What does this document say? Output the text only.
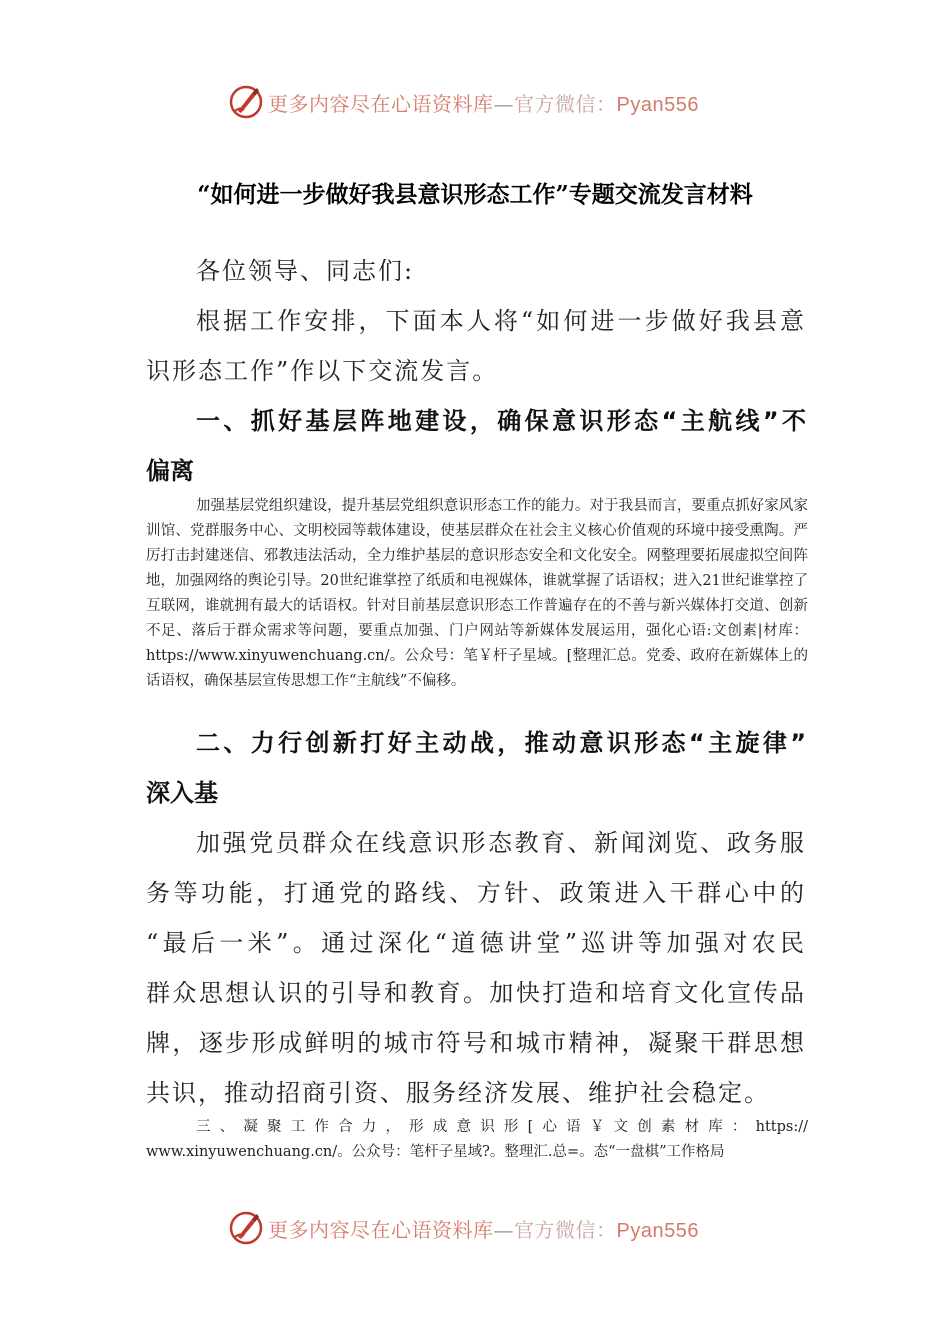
更多内容尽在心语资料库—官方微信：Pyan556
“如何进一步做好我县意识形态工作”专题交流发言材料

各位领导、同志们:

根据工作安排，下面本人将“如何进一步做好我县意

识形态工作”作以下交流发言。

一、抓好基层阵地建设，确保意识形态“主航线”不

偏离

加强基层党组织建设，提升基层党组织意识形态工作的能力。对于我县而言，要重点抓好家风家训馆、党群服务中心、文明校园等载体建设，使基层群众在社会主义核心价值观的环境中接受熏陶。严厉打击封建迷信、邪教违法活动，全力维护基层的意识形态安全和文化安全。网整理要拓展虚拟空间阵地，加强网络的舆论引导。20世纪谁掌控了纸质和电视媒体，谁就掌握了话语权；进入21世纪谁掌控了互联网，谁就拥有最大的话语权。针对目前基层意识形态工作普遍存在的不善与新兴媒体打交道、创新不足、落后于群众需求等问题，要重点加强、门户网站等新媒体发展运用，强化心语:文创素|材库：https://www.xinyuwenchuang.cn/。公众号：笔￥杆子星域。[整理汇总。党委、政府在新媒体上的话语权，确保基层宣传思想工作“主航线”不偏移。

二、力行创新打好主动战，推动意识形态“主旋律”

深入基

加强党员群众在线意识形态教育、新闻浏览、政务服

务等功能，打通党的路线、方针、政策进入干群心中的

“最后一米”。通过深化“道德讲堂”巡讲等加强对农民

群众思想认识的引导和教育。加快打造和培育文化宣传品

牌，逐步形成鲜明的城市符号和城市精神，凝聚干群思想

共识，推动招商引资、服务经济发展、维护社会稳定。

三、凝聚工作合力，形成意识形[心语￥文创素材库：https://

www.xinyuwenchuang.cn/。公众号：笔杆子星域?。整理汇.总=。态“一盘棋”工作格局

更多内容尽在心语资料库—官方微信：Pyan556
